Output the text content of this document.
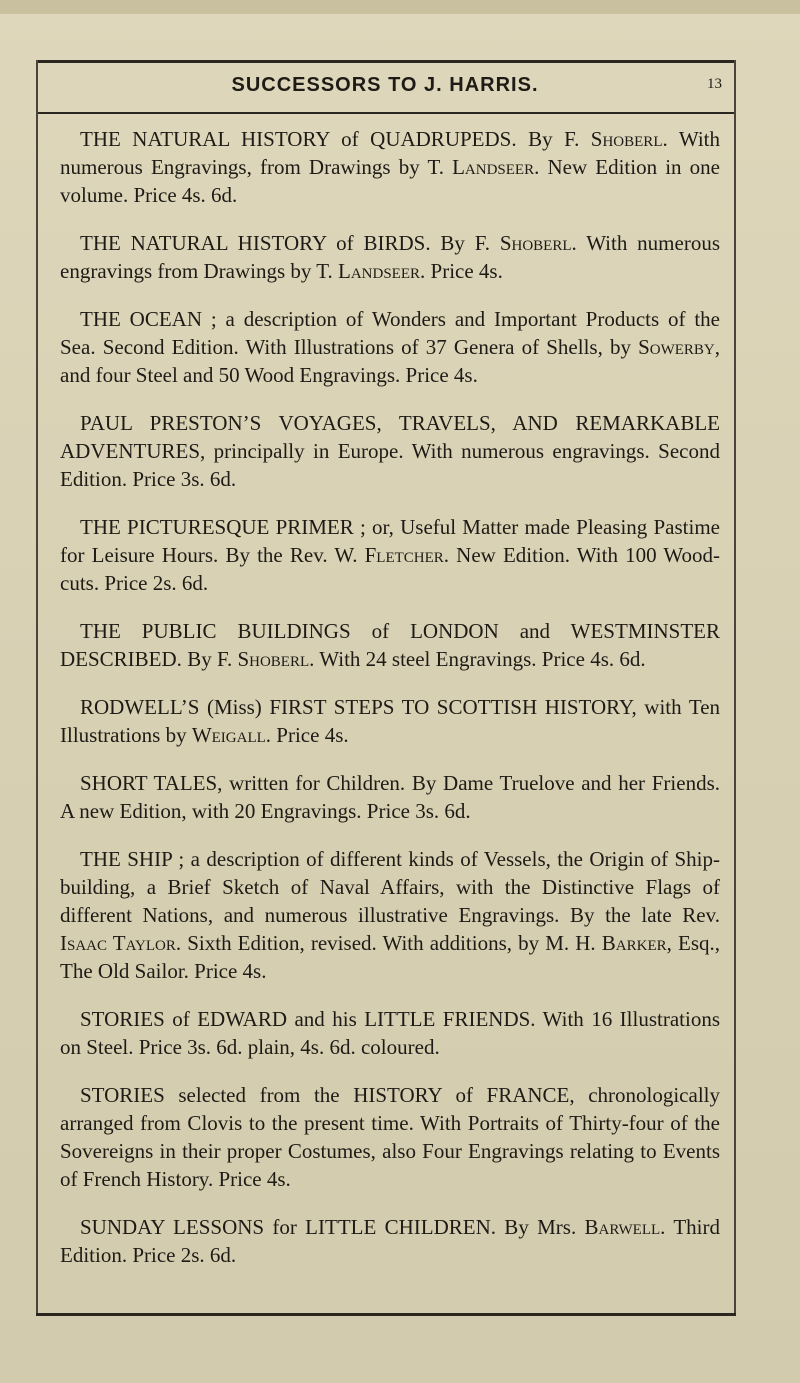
SUCCESSORS TO J. HARRIS.	13

THE NATURAL HISTORY of QUADRUPEDS. By F. Shoberl. With numerous Engravings, from Drawings by T. Landseer. New Edition in one volume. Price 4s. 6d.

THE NATURAL HISTORY of BIRDS. By F. Shoberl. With numerous engravings from Drawings by T. Landseer. Price 4s.

THE OCEAN ; a description of Wonders and Important Products of the Sea. Second Edition. With Illustrations of 37 Genera of Shells, by Sowerby, and four Steel and 50 Wood Engravings. Price 4s.

PAUL PRESTON’S VOYAGES, TRAVELS, AND REMARKABLE ADVENTURES, principally in Europe. With numerous engravings. Second Edition. Price 3s. 6d.

THE PICTURESQUE PRIMER ; or, Useful Matter made Pleasing Pastime for Leisure Hours. By the Rev. W. Fletcher. New Edition. With 100 Wood-cuts. Price 2s. 6d.

THE PUBLIC BUILDINGS of LONDON and WESTMINSTER DESCRIBED. By F. Shoberl. With 24 steel Engravings. Price 4s. 6d.

RODWELL’S (Miss) FIRST STEPS TO SCOTTISH HISTORY, with Ten Illustrations by Weigall. Price 4s.

SHORT TALES, written for Children. By Dame Truelove and her Friends. A new Edition, with 20 Engravings. Price 3s. 6d.

THE SHIP ; a description of different kinds of Vessels, the Origin of Ship-building, a Brief Sketch of Naval Affairs, with the Distinctive Flags of different Nations, and numerous illustrative Engravings. By the late Rev. Isaac Taylor. Sixth Edition, revised. With additions, by M. H. Barker, Esq., The Old Sailor. Price 4s.

STORIES of EDWARD and his LITTLE FRIENDS. With 16 Illustrations on Steel. Price 3s. 6d. plain, 4s. 6d. coloured.

STORIES selected from the HISTORY of FRANCE, chronologically arranged from Clovis to the present time. With Portraits of Thirty-four of the Sovereigns in their proper Costumes, also Four Engravings relating to Events of French History. Price 4s.

SUNDAY LESSONS for LITTLE CHILDREN. By Mrs. Barwell. Third Edition. Price 2s. 6d.
